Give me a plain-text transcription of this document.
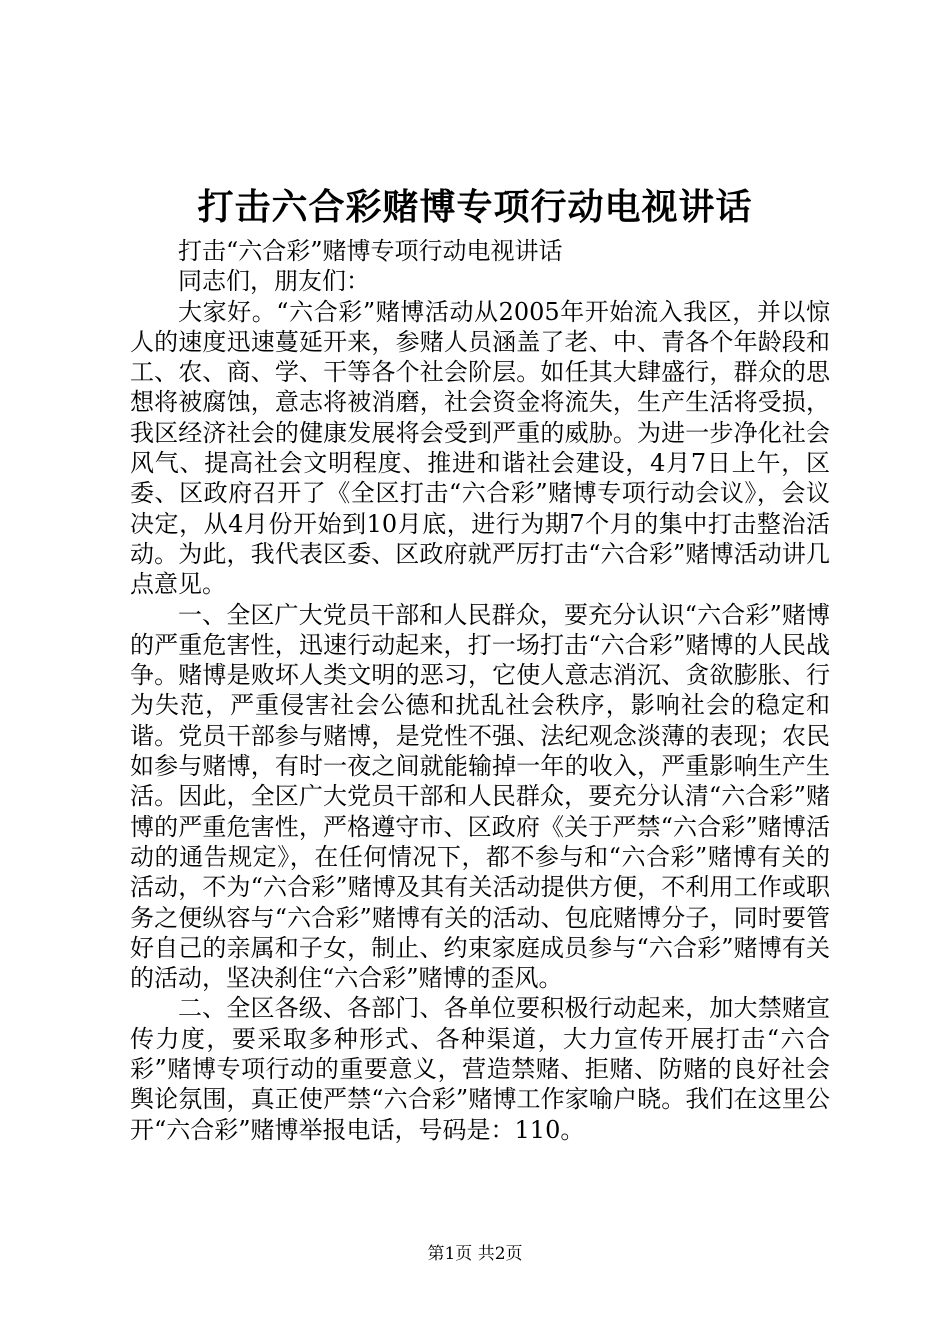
打击六合彩赌博专项行动电视讲话

打击“六合彩”赌博专项行动电视讲话

同志们，朋友们：

大家好。“六合彩”赌博活动从2005年开始流入我区，并以惊人的速度迅速蔓延开来，参赌人员涵盖了老、中、青各个年龄段和工、农、商、学、干等各个社会阶层。如任其大肆盛行，群众的思想将被腐蚀，意志将被消磨，社会资金将流失，生产生活将受损，我区经济社会的健康发展将会受到严重的威胁。为进一步净化社会风气、提高社会文明程度、推进和谐社会建设，4月7日上午，区委、区政府召开了《全区打击“六合彩”赌博专项行动会议》，会议决定，从4月份开始到10月底，进行为期7个月的集中打击整治活动。为此，我代表区委、区政府就严厉打击“六合彩”赌博活动讲几点意见。

一、全区广大党员干部和人民群众，要充分认识“六合彩”赌博的严重危害性，迅速行动起来，打一场打击“六合彩”赌博的人民战争。赌博是败坏人类文明的恶习，它使人意志消沉、贪欲膨胀、行为失范，严重侵害社会公德和扰乱社会秩序，影响社会的稳定和谐。党员干部参与赌博，是党性不强、法纪观念淡薄的表现；农民如参与赌博，有时一夜之间就能输掉一年的收入，严重影响生产生活。因此，全区广大党员干部和人民群众，要充分认清“六合彩”赌博的严重危害性，严格遵守市、区政府《关于严禁“六合彩”赌博活动的通告规定》，在任何情况下，都不参与和“六合彩”赌博有关的活动，不为“六合彩”赌博及其有关活动提供方便，不利用工作或职务之便纵容与“六合彩”赌博有关的活动、包庇赌博分子，同时要管好自己的亲属和子女，制止、约束家庭成员参与“六合彩”赌博有关的活动，坚决刹住“六合彩”赌博的歪风。

二、全区各级、各部门、各单位要积极行动起来，加大禁赌宣传力度，要采取多种形式、各种渠道，大力宣传开展打击“六合彩”赌博专项行动的重要意义，营造禁赌、拒赌、防赌的良好社会舆论氛围，真正使严禁“六合彩”赌博工作家喻户晓。我们在这里公开“六合彩”赌博举报电话，号码是：110。

第1页 共2页
